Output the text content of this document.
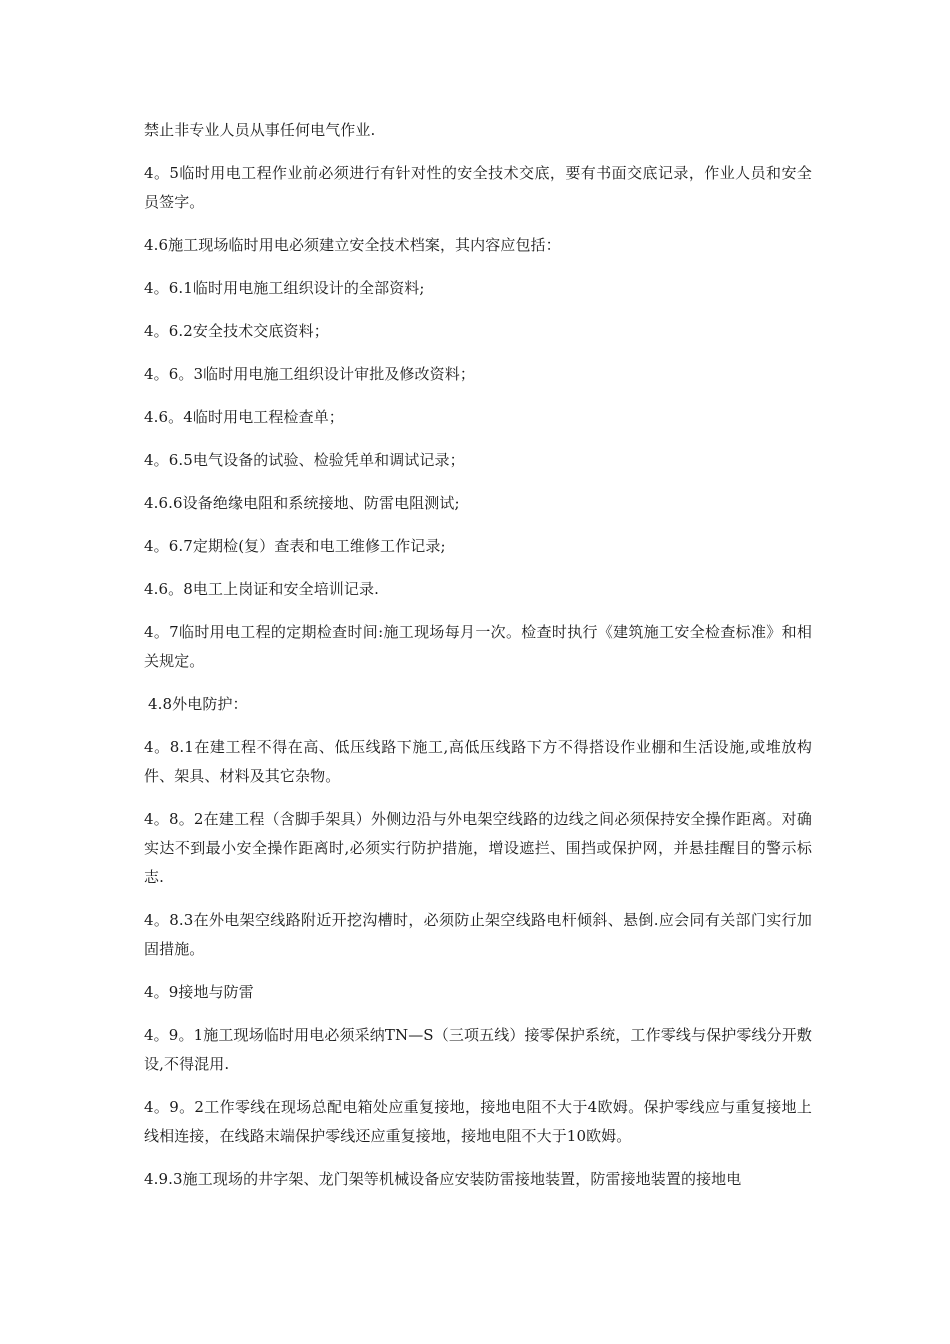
禁止非专业人员从事任何电气作业.

4。5临时用电工程作业前必须进行有针对性的安全技术交底，要有书面交底记录，作业人员和安全员签字。

4.6施工现场临时用电必须建立安全技术档案，其内容应包括：

4。6.1临时用电施工组织设计的全部资料;

4。6.2安全技术交底资料；

4。6。3临时用电施工组织设计审批及修改资料；

4.6。4临时用电工程检查单；

4。6.5电气设备的试验、检验凭单和调试记录；

4.6.6设备绝缘电阻和系统接地、防雷电阻测试;

4。6.7定期检(复）查表和电工维修工作记录;

4.6。8电工上岗证和安全培训记录.

4。7临时用电工程的定期检查时间:施工现场每月一次。检查时执行《建筑施工安全检查标准》和相关规定。

4.8外电防护：

4。8.1在建工程不得在高、低压线路下施工,高低压线路下方不得搭设作业棚和生活设施,或堆放构件、架具、材料及其它杂物。

4。8。2在建工程（含脚手架具）外侧边沿与外电架空线路的边线之间必须保持安全操作距离。对确实达不到最小安全操作距离时,必须实行防护措施，增设遮拦、围挡或保护网，并悬挂醒目的警示标志.

4。8.3在外电架空线路附近开挖沟槽时，必须防止架空线路电杆倾斜、悬倒.应会同有关部门实行加固措施。

4。9接地与防雷

4。9。1施工现场临时用电必须采纳TN—S（三项五线）接零保护系统，工作零线与保护零线分开敷设,不得混用.

4。9。2工作零线在现场总配电箱处应重复接地，接地电阻不大于4欧姆。保护零线应与重复接地上线相连接，在线路末端保护零线还应重复接地，接地电阻不大于10欧姆。

4.9.3施工现场的井字架、龙门架等机械设备应安装防雷接地装置，防雷接地装置的接地电
